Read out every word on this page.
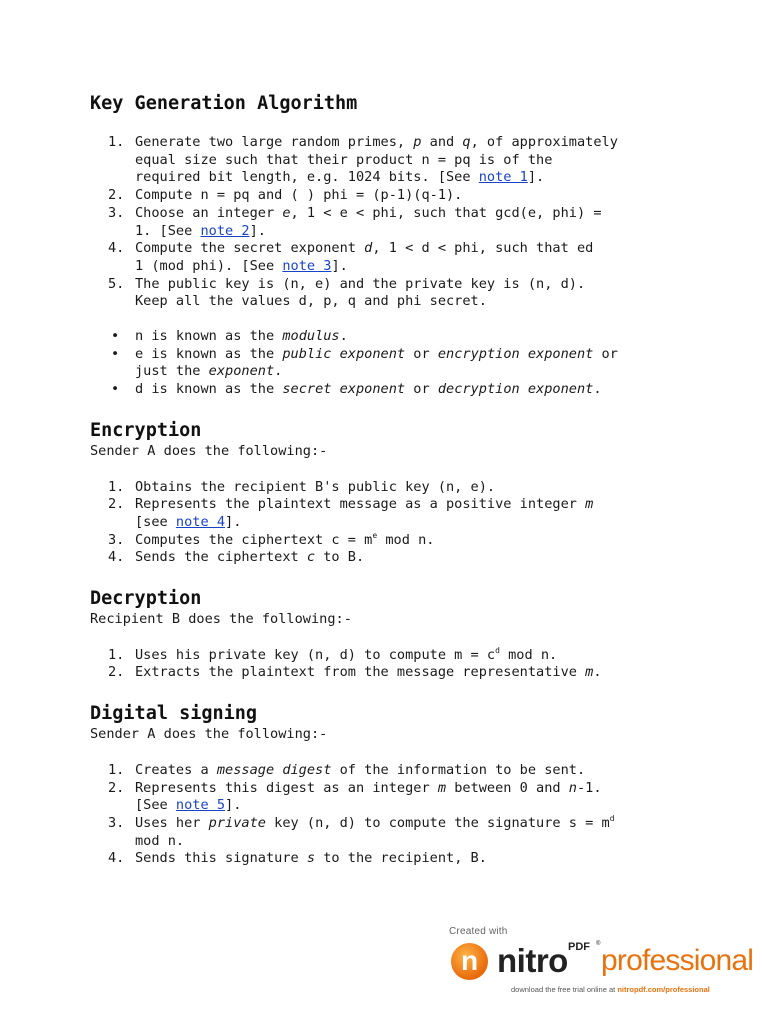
Key Generation Algorithm
1. Generate two large random primes, p and q, of approximately
equal size such that their product n = pq is of the
required bit length, e.g. 1024 bits. [See note 1].
2. Compute n = pq and ( ) phi = (p-1)(q-1).
3. Choose an integer e, 1 < e < phi, such that gcd(e, phi) =
1. [See note 2].
4. Compute the secret exponent d, 1 < d < phi, such that ed
1 (mod phi). [See note 3].
5. The public key is (n, e) and the private key is (n, d).
Keep all the values d, p, q and phi secret.
• n is known as the modulus.
• e is known as the public exponent or encryption exponent or
just the exponent.
• d is known as the secret exponent or decryption exponent.
Encryption

Sender A does the following:-

1. Obtains the recipient B's public key (n, e).
2. Represents the plaintext message as a positive integer m
[see note 4].
3. Computes the ciphertext $c = m^e$ mod n.
4. Sends the ciphertext c to B.
Decryption

Recipient B does the following:-

1. Uses his private key (n, d) to compute $m = c^d$ mod n.
2. Extracts the plaintext from the message representative m.
Digital signing

Sender A does the following:-

1. Creates a message digest of the information to be sent.
2. Represents this digest as an integer m between 0 and n-1.
[See note 5].
3. Uses her private key (n, d) to compute the signature $s = m^d$
mod n.
4. Sends this signature s to the recipient, B.
Created with
n nitro PDF ® professional
download the free trial online at nitropdf.com/professional
